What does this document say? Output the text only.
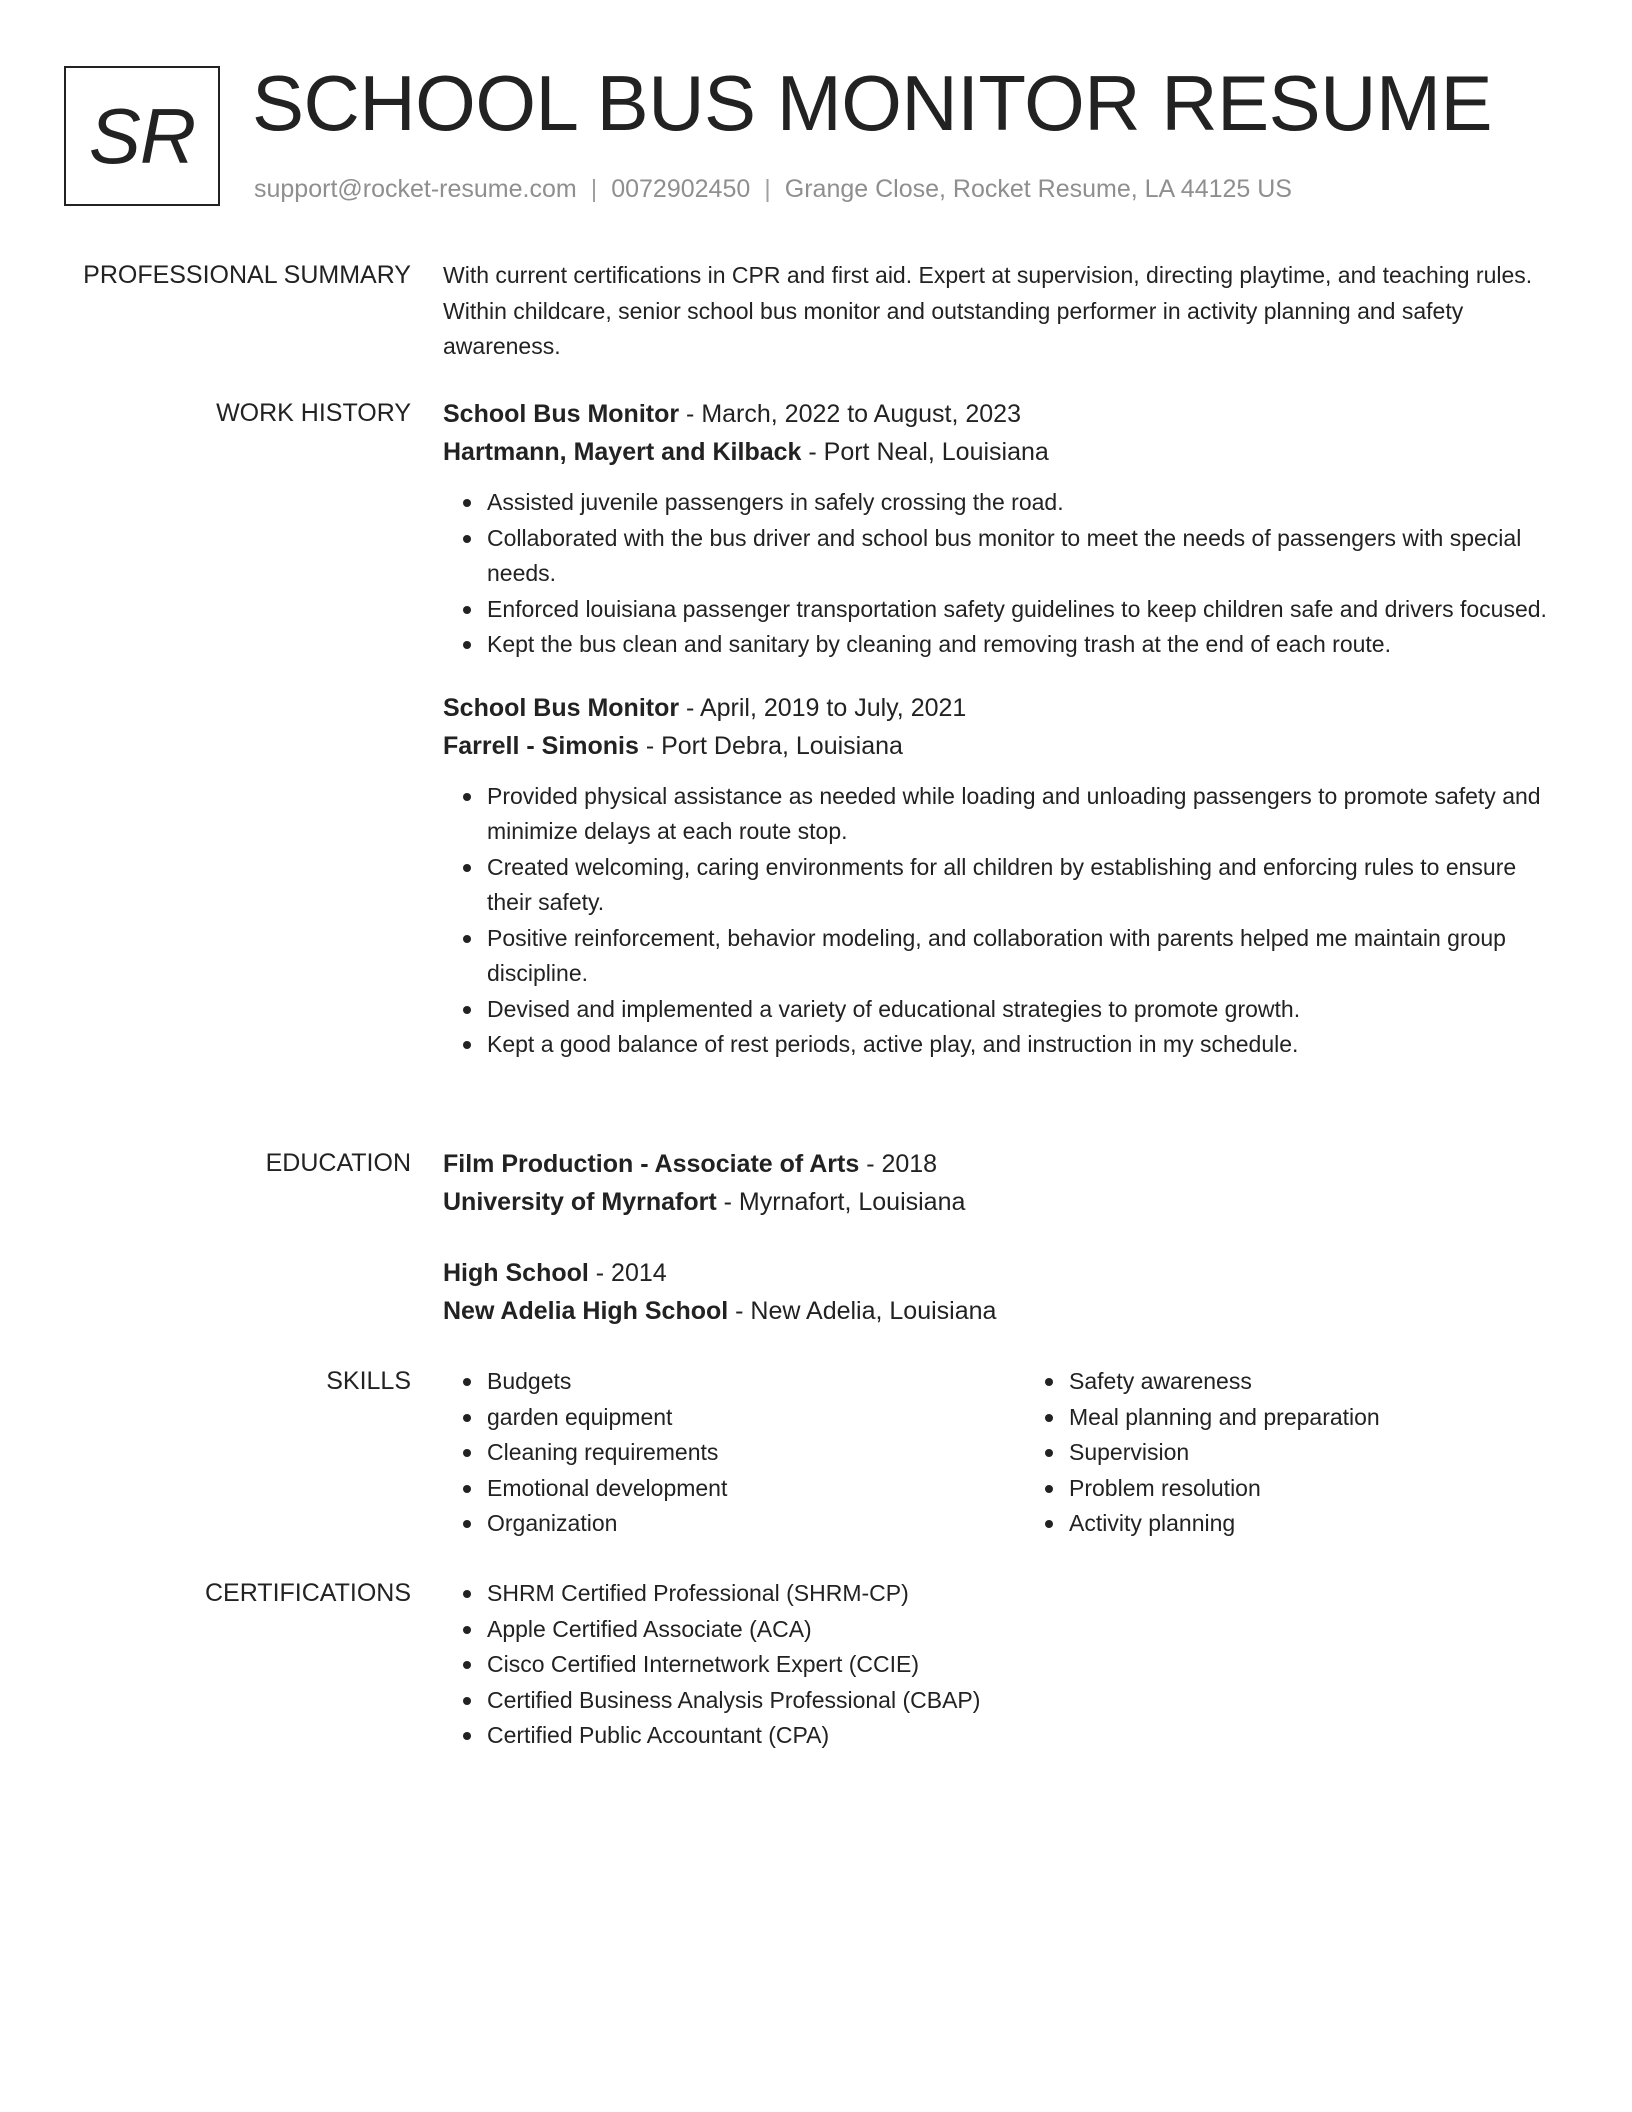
SR SCHOOL BUS MONITOR RESUME
support@rocket-resume.com | 0072902450 | Grange Close, Rocket Resume, LA 44125 US
PROFESSIONAL SUMMARY With current certifications in CPR and first aid. Expert at supervision, directing playtime, and teaching rules. Within childcare, senior school bus monitor and outstanding performer in activity planning and safety awareness.

WORK HISTORY School Bus Monitor - March, 2022 to August, 2023
Hartmann, Mayert and Kilback - Port Neal, Louisiana
Assisted juvenile passengers in safely crossing the road.
Collaborated with the bus driver and school bus monitor to meet the needs of passengers with special needs.
Enforced louisiana passenger transportation safety guidelines to keep children safe and drivers focused.
Kept the bus clean and sanitary by cleaning and removing trash at the end of each route.
School Bus Monitor - April, 2019 to July, 2021
Farrell - Simonis - Port Debra, Louisiana
Provided physical assistance as needed while loading and unloading passengers to promote safety and minimize delays at each route stop.
Created welcoming, caring environments for all children by establishing and enforcing rules to ensure their safety.
Positive reinforcement, behavior modeling, and collaboration with parents helped me maintain group discipline.
Devised and implemented a variety of educational strategies to promote growth.
Kept a good balance of rest periods, active play, and instruction in my schedule.
EDUCATION Film Production - Associate of Arts - 2018
University of Myrnafort - Myrnafort, Louisiana
High School - 2014
New Adelia High School - New Adelia, Louisiana
SKILLS	Budgets
garden equipment
Cleaning requirements
Emotional development
Organization
Safety awareness
Meal planning and preparation
Supervision
Problem resolution
Activity planning
CERTIFICATIONS	SHRM Certified Professional (SHRM-CP)
Apple Certified Associate (ACA)
Cisco Certified Internetwork Expert (CCIE)
Certified Business Analysis Professional (CBAP)
Certified Public Accountant (CPA)
